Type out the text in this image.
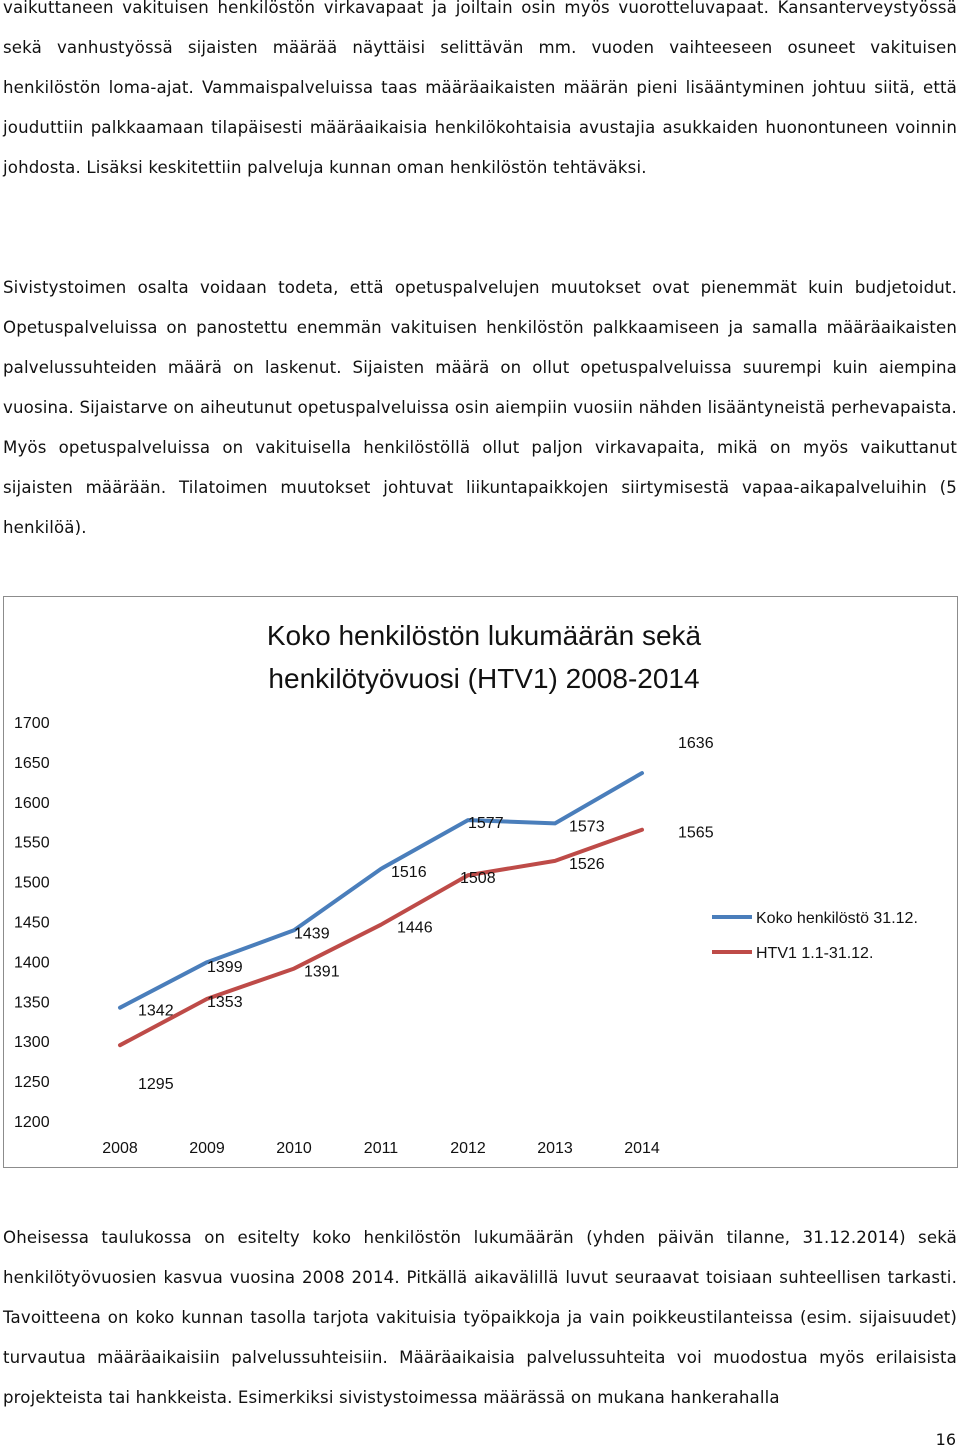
vaikuttaneen vakituisen henkilöstön virkavapaat ja joiltain osin myös vuorotteluvapaat. Kansanterveystyössä sekä vanhustyössä sijaisten määrää näyttäisi selittävän mm. vuoden vaihteeseen osuneet vakituisen henkilöstön loma-ajat. Vammaispalveluissa taas määräaikaisten määrän pieni lisääntyminen johtuu siitä, että jouduttiin palkkaamaan tilapäisesti määräaikaisia henkilökohtaisia avustajia asukkaiden huonontuneen voinnin johdosta. Lisäksi keskitettiin palveluja kunnan oman henkilöstön tehtäväksi.
Sivistystoimen osalta voidaan todeta, että opetuspalvelujen muutokset ovat pienemmät kuin budjetoidut. Opetuspalveluissa on panostettu enemmän vakituisen henkilöstön palkkaamiseen ja samalla määräaikaisten palvelussuhteiden määrä on laskenut. Sijaisten määrä on ollut opetuspalveluissa suurempi kuin aiempina vuosina. Sijaistarve on aiheutunut opetuspalveluissa osin aiempiin vuosiin nähden lisääntyneistä perhevapaista. Myös opetuspalveluissa on vakituisella henkilöstöllä ollut paljon virkavapaita, mikä on myös vaikuttanut sijaisten määrään. Tilatoimen muutokset johtuvat liikuntapaikkojen siirtymisestä vapaa-aikapalveluihin (5 henkilöä).
Koko henkilöstön lukumäärän sekä
henkilötyövuosi (HTV1) 2008-2014
1200
1250
1300
1350
1400
1450
1500
1550
1600
1650
1700
2008	2009	2010	2011	2012	2013	2014
1342
1399
1439
1516
1577	1573
1636
1295
1353
1391
1446
1508
1526
1565
Koko henkilöstö 31.12.
HTV1 1.1-31.12.
Oheisessa taulukossa on esitelty koko henkilöstön lukumäärän (yhden päivän tilanne, 31.12.2014) sekä henkilötyövuosien kasvua vuosina 2008 2014. Pitkällä aikavälillä luvut seuraavat toisiaan suhteellisen tarkasti. Tavoitteena on koko kunnan tasolla tarjota vakituisia työpaikkoja ja vain poikkeustilanteissa (esim. sijaisuudet) turvautua määräaikaisiin palvelussuhteisiin. Määräaikaisia palvelussuhteita voi muodostua myös erilaisista projekteista tai hankkeista. Esimerkiksi sivistystoimessa määrässä on mukana hankerahalla
16
